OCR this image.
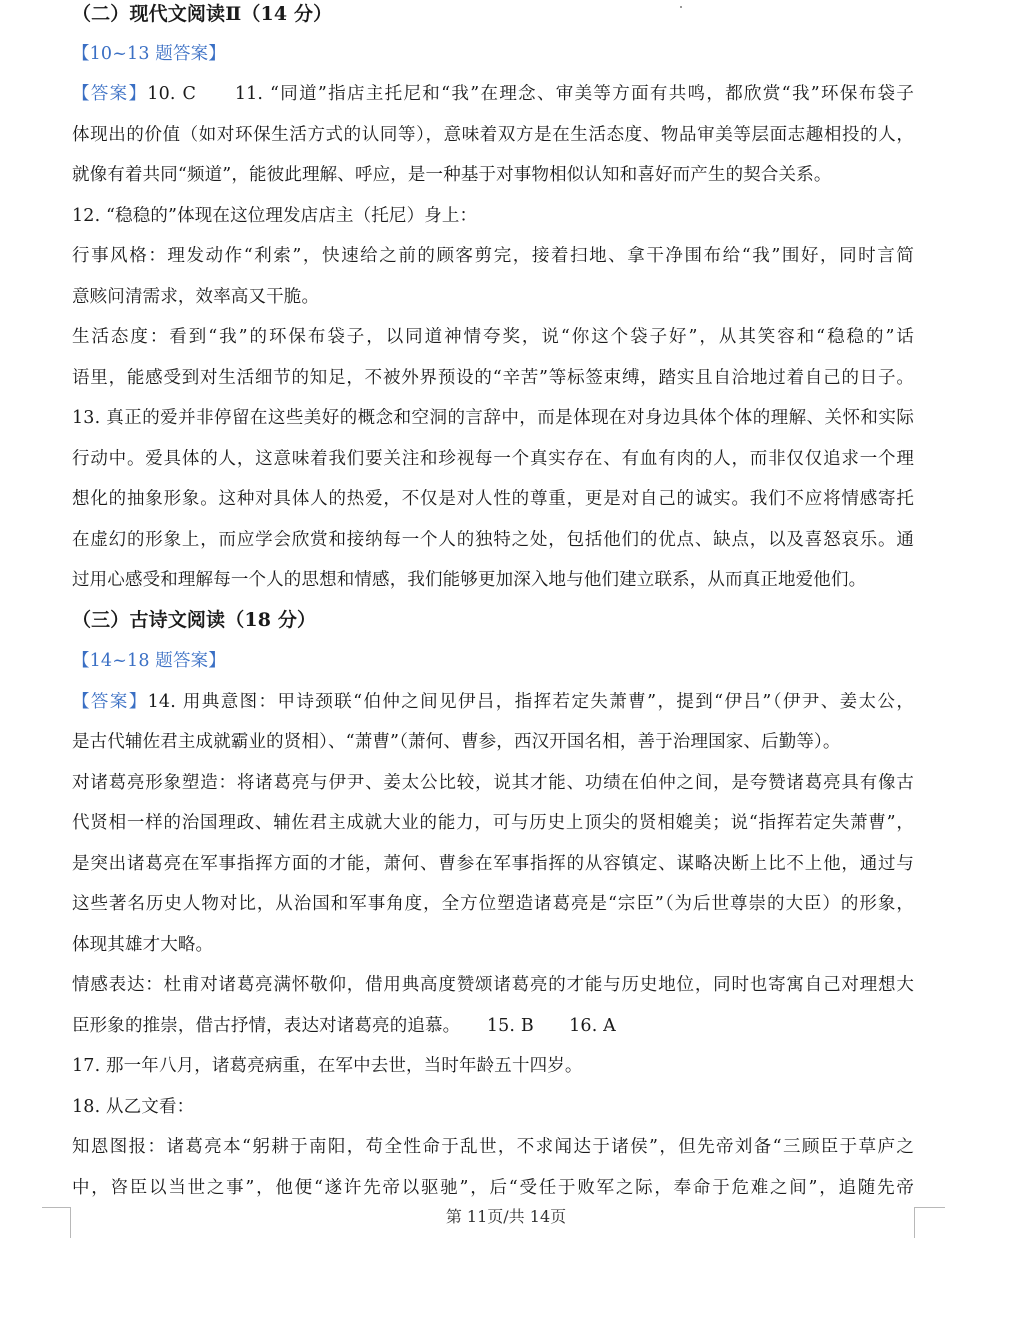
（二）现代文阅读Ⅱ（14 分）
【10~13 题答案】
【答案】10. C　　11. “同道”指店主托尼和“我”在理念、审美等方面有共鸣，都欣赏“我”环保布袋子
体现出的价值（如对环保生活方式的认同等），意味着双方是在生活态度、物品审美等层面志趣相投的人，
就像有着共同“频道”，能彼此理解、呼应，是一种基于对事物相似认知和喜好而产生的契合关系。
12. “稳稳的”体现在这位理发店店主（托尼）身上：
行事风格：理发动作“利索”，快速给之前的顾客剪完，接着扫地、拿干净围布给“我”围好，同时言简
意赅问清需求，效率高又干脆。
生活态度：看到“我”的环保布袋子，以同道神情夸奖，说“你这个袋子好”，从其笑容和“稳稳的”话
语里，能感受到对生活细节的知足，不被外界预设的“辛苦”等标签束缚，踏实且自洽地过着自己的日子。
13. 真正的爱并非停留在这些美好的概念和空洞的言辞中，而是体现在对身边具体个体的理解、关怀和实际
行动中。爱具体的人，这意味着我们要关注和珍视每一个真实存在、有血有肉的人，而非仅仅追求一个理
想化的抽象形象。这种对具体人的热爱，不仅是对人性的尊重，更是对自己的诚实。我们不应将情感寄托
在虚幻的形象上，而应学会欣赏和接纳每一个人的独特之处，包括他们的优点、缺点，以及喜怒哀乐。通
过用心感受和理解每一个人的思想和情感，我们能够更加深入地与他们建立联系，从而真正地爱他们。
（三）古诗文阅读（18 分）
【14~18 题答案】
【答案】14. 用典意图：甲诗颈联“伯仲之间见伊吕，指挥若定失萧曹”，提到“伊吕”（伊尹、姜太公，
是古代辅佐君主成就霸业的贤相）、“萧曹”（萧何、曹参，西汉开国名相，善于治理国家、后勤等）。
对诸葛亮形象塑造：将诸葛亮与伊尹、姜太公比较，说其才能、功绩在伯仲之间，是夸赞诸葛亮具有像古
代贤相一样的治国理政、辅佐君主成就大业的能力，可与历史上顶尖的贤相媲美；说“指挥若定失萧曹”，
是突出诸葛亮在军事指挥方面的才能，萧何、曹参在军事指挥的从容镇定、谋略决断上比不上他，通过与
这些著名历史人物对比，从治国和军事角度，全方位塑造诸葛亮是“宗臣”（为后世尊崇的大臣）的形象，
体现其雄才大略。
情感表达：杜甫对诸葛亮满怀敬仰，借用典高度赞颂诸葛亮的才能与历史地位，同时也寄寓自己对理想大
臣形象的推崇，借古抒情，表达对诸葛亮的追慕。　　15. B　　16. A
17. 那一年八月，诸葛亮病重，在军中去世，当时年龄五十四岁。
18. 从乙文看：
知恩图报：诸葛亮本“躬耕于南阳，苟全性命于乱世，不求闻达于诸侯”，但先帝刘备“三顾臣于草庐之
中，咨臣以当世之事”，他便“遂许先帝以驱驰”，后“受任于败军之际，奉命于危难之间”，追随先帝
第 11页/共 14页
